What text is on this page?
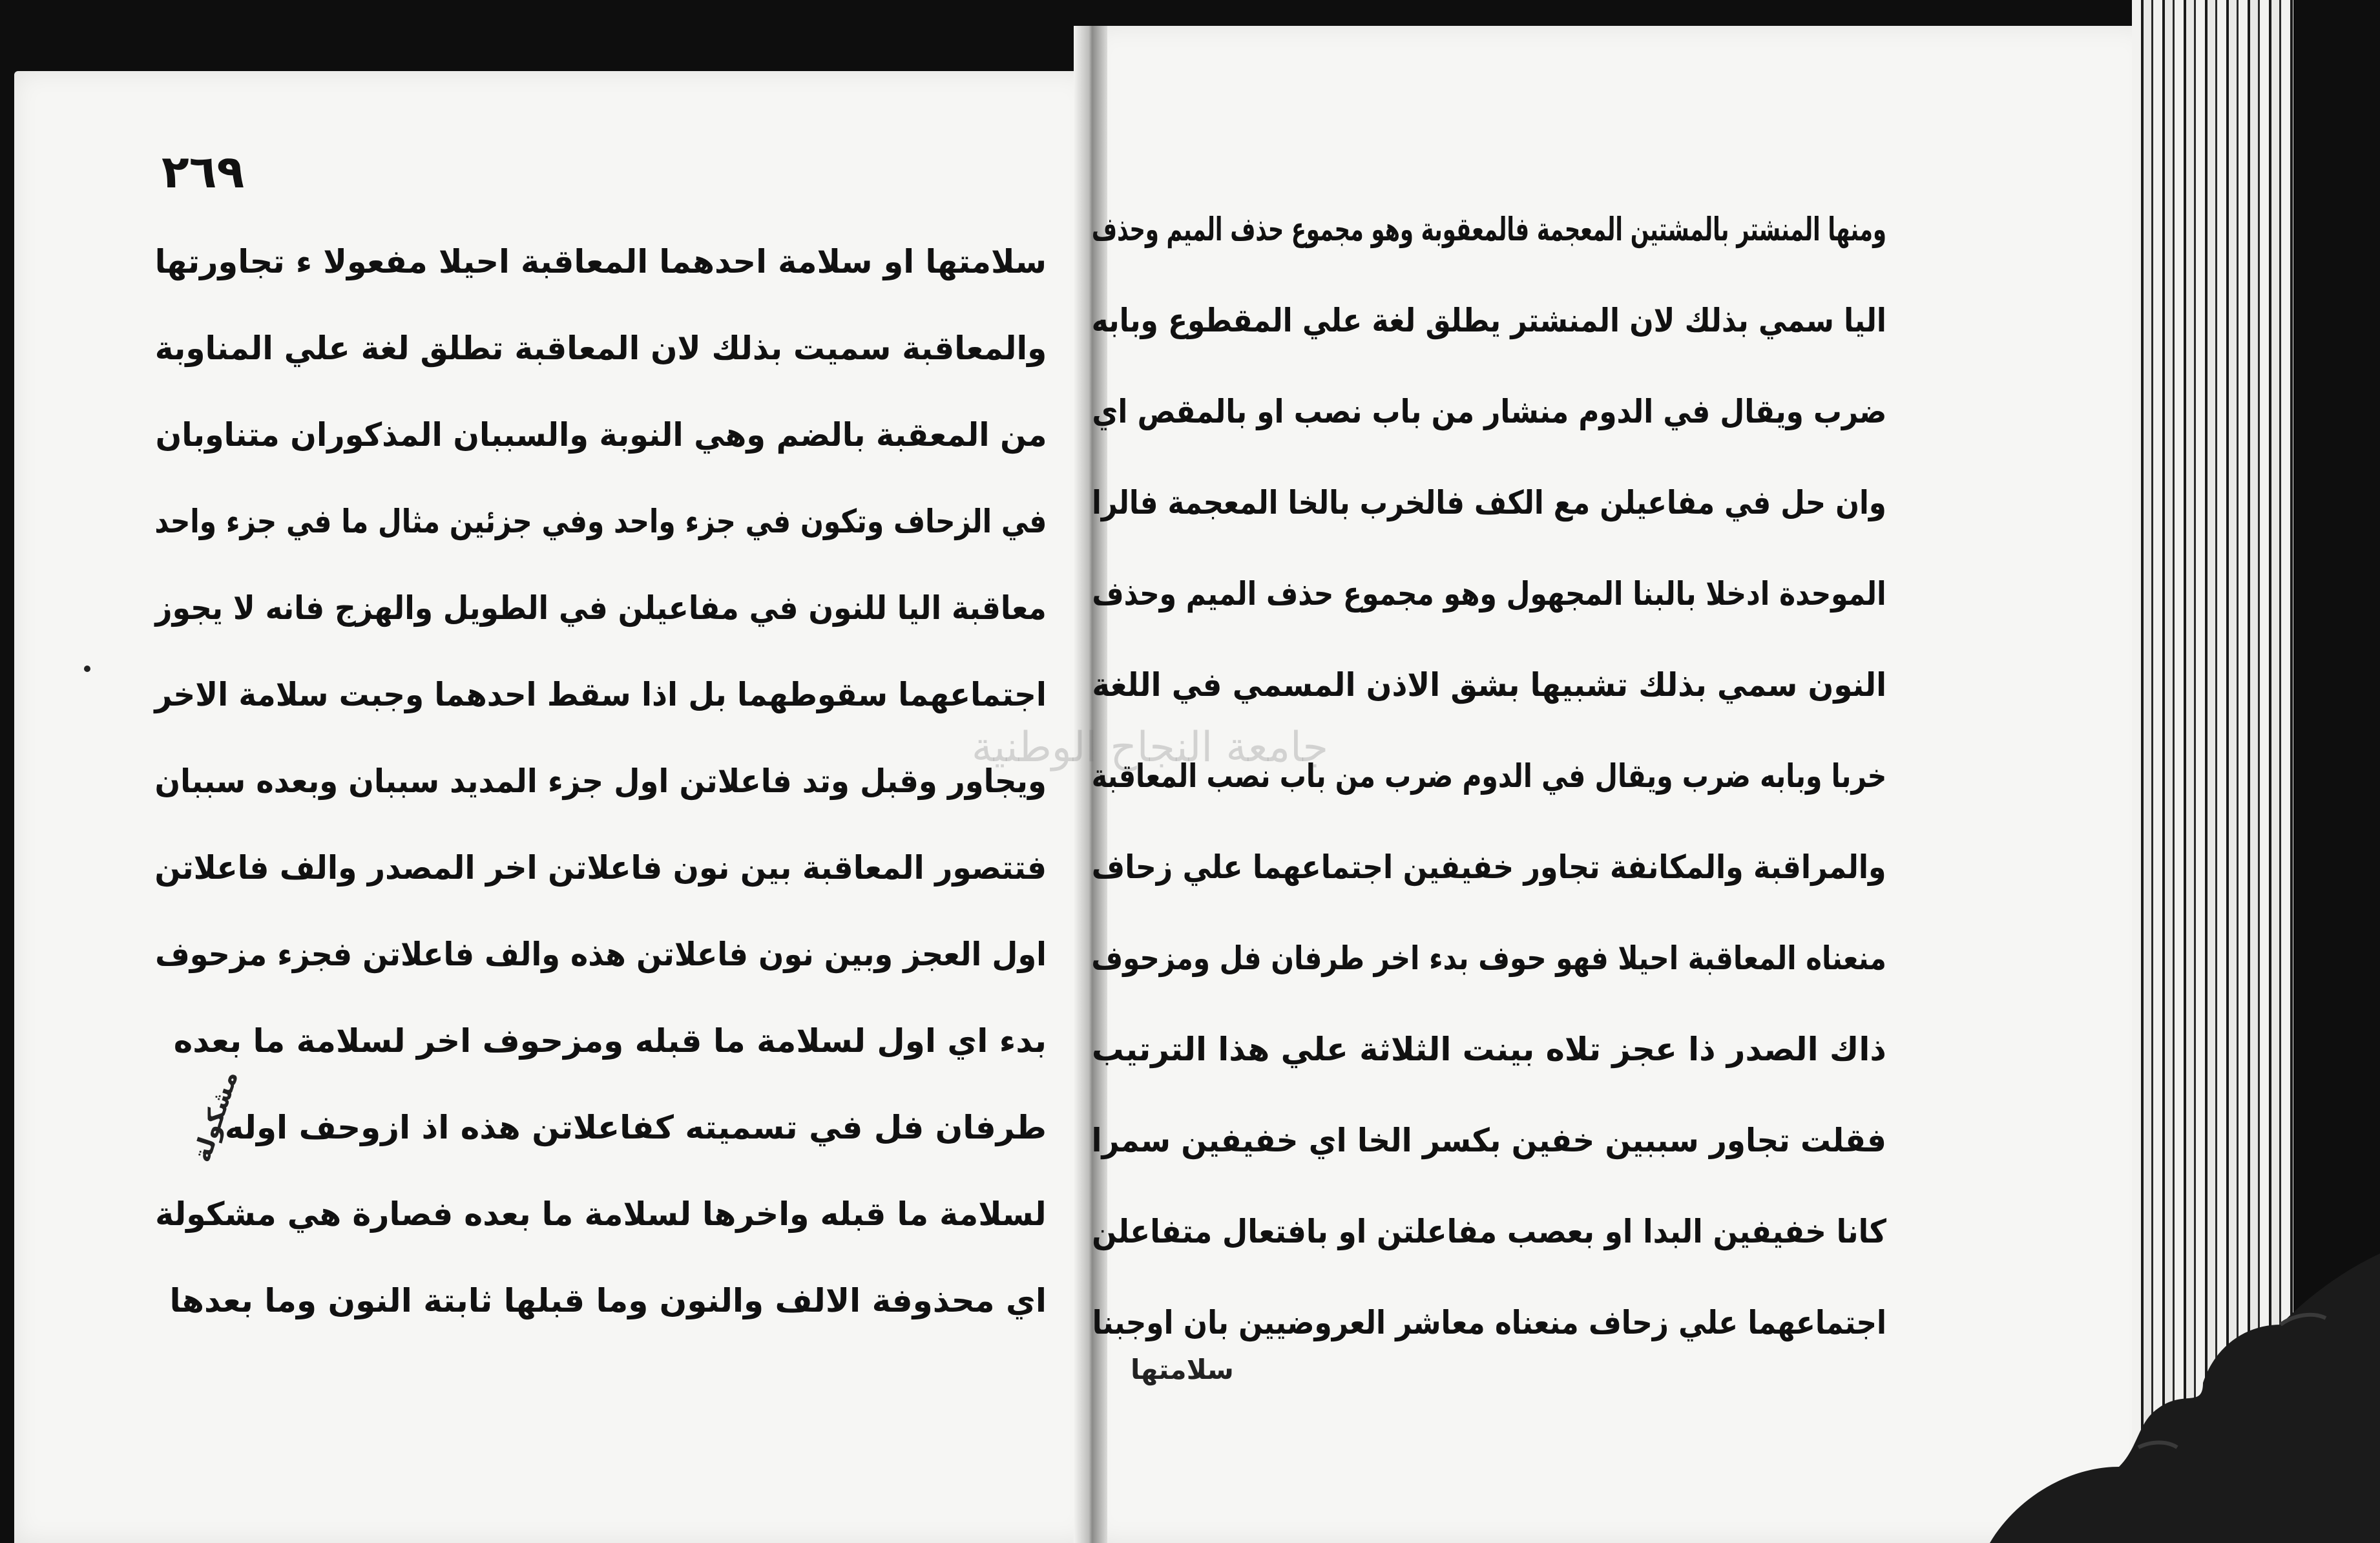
٢٦٩
سلامتها او سلامة احدهما المعاقبة احيلا مفعولا ء تجاورتها
والمعاقبة سميت بذلك لان المعاقبة تطلق لغة علي المناوبة
من المعقبة بالضم وهي النوبة والسببان المذكوران متناوبان
في الزحاف وتكون في جزء واحد وفي جزئين مثال ما في جزء واحد
معاقبة اليا للنون في مفاعيلن في الطويل والهزج فانه لا يجوز
اجتماعهما سقوطهما بل اذا سقط احدهما وجبت سلامة الاخر
ويجاور وقبل وتد فاعلاتن اول جزء المديد سببان وبعده سببان
فتتصور المعاقبة بين نون فاعلاتن اخر المصدر والف فاعلاتن
اول العجز وبين نون فاعلاتن هذه والف فاعلاتن فجزء مزحوف
بدء اي اول لسلامة ما قبله ومزحوف اخر لسلامة ما بعده
طرفان فل في تسميته كفاعلاتن هذه اذ ازوحف اوله
لسلامة ما قبله واخرها لسلامة ما بعده فصارة هي مشكولة
اي محذوفة الالف والنون وما قبلها ثابتة النون وما بعدها
مشكولة
جامعة النجاح الوطنية
ومنها المنشتر بالمشتين المعجمة فالمعقوبة وهو مجموع حذف الميم وحذف
اليا سمي بذلك لان المنشتر يطلق لغة علي المقطوع وبابه
ضرب ويقال في الدوم منشار من باب نصب او بالمقص اي
وان حل في مفاعيلن مع الكف فالخرب بالخا المعجمة فالرا
الموحدة ادخلا بالبنا المجهول وهو مجموع حذف الميم وحذف
النون سمي بذلك تشبيها بشق الاذن المسمي في اللغة
خربا وبابه ضرب ويقال في الدوم ضرب من باب نصب المعاقبة
والمراقبة والمكانفة تجاور خفيفين اجتماعهما علي زحاف
منعناه المعاقبة احيلا فهو حوف بدء اخر طرفان فل ومزحوف
ذاك الصدر ذا عجز تلاه بينت الثلاثة علي هذا الترتيب
فقلت تجاور سببين خفين بكسر الخا اي خفيفين سمرا
كانا خفيفين البدا او بعصب مفاعلتن او بافتعال متفاعلن
اجتماعهما علي زحاف منعناه معاشر العروضيين بان اوجبنا
سلامتها
